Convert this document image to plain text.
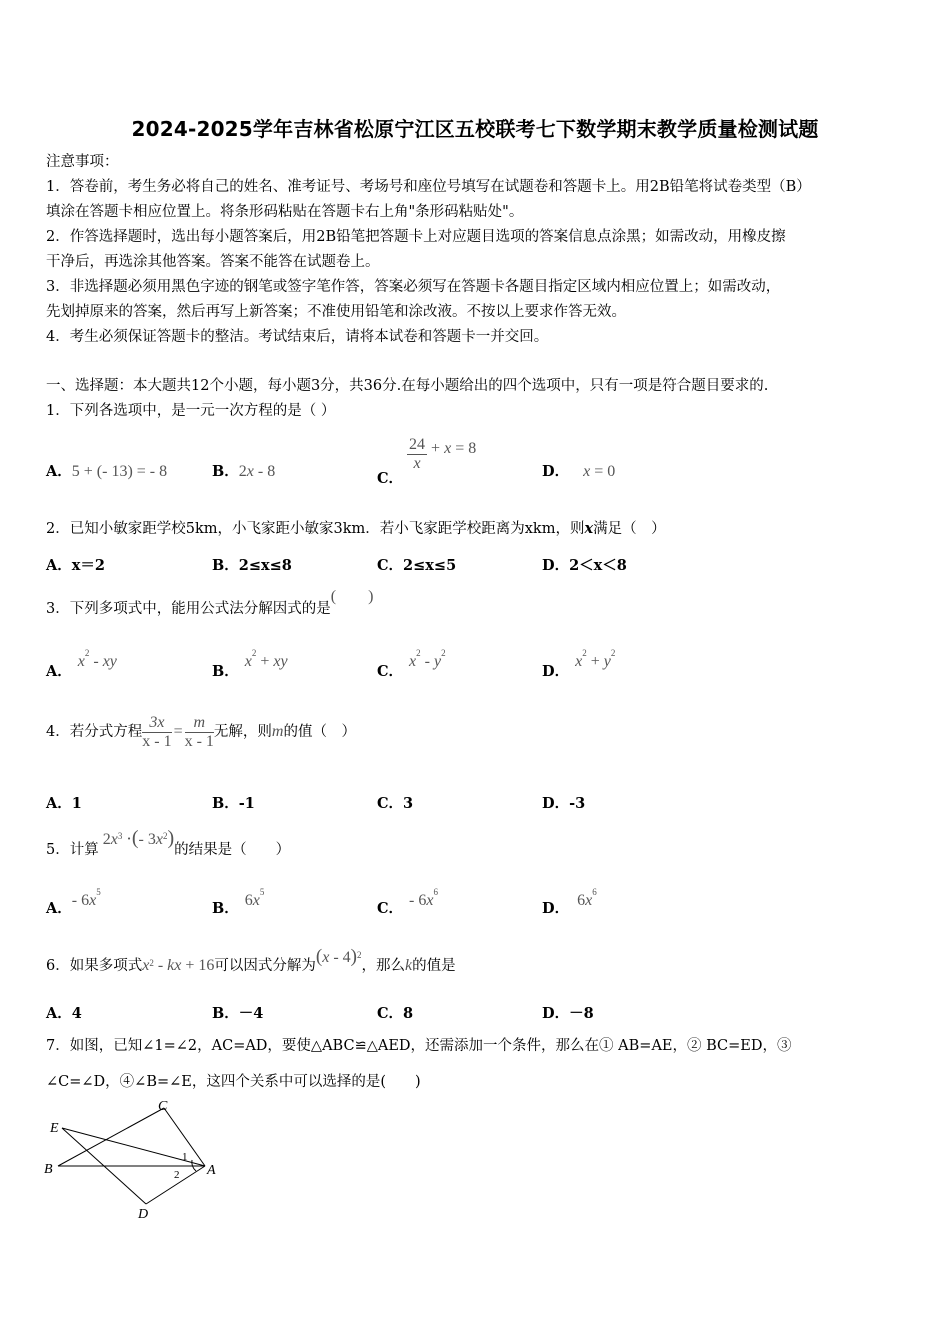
2024-2025学年吉林省松原宁江区五校联考七下数学期末教学质量检测试题
注意事项：
1．答卷前，考生务必将自己的姓名、准考证号、考场号和座位号填写在试题卷和答题卡上。用2B铅笔将试卷类型（B）
填涂在答题卡相应位置上。将条形码粘贴在答题卡右上角"条形码粘贴处"。
2．作答选择题时，选出每小题答案后，用2B铅笔把答题卡上对应题目选项的答案信息点涂黑；如需改动，用橡皮擦
干净后，再选涂其他答案。答案不能答在试题卷上。
3．非选择题必须用黑色字迹的钢笔或签字笔作答，答案必须写在答题卡各题目指定区域内相应位置上；如需改动，
先划掉原来的答案，然后再写上新答案；不准使用铅笔和涂改液。不按以上要求作答无效。
4．考生必须保证答题卡的整洁。考试结束后，请将本试卷和答题卡一并交回。
一、选择题：本大题共12个小题，每小题3分，共36分.在每小题给出的四个选项中，只有一项是符合题目要求的.
1．下列各选项中，是一元一次方程的是（ ）
A．5 + (- 13) = - 8	B．2x - 8	C．
$\frac{24}{x} + x = 8$
D． x = 0
2．已知小敏家距学校5km，小飞家距小敏家3km．若小飞家距学校距离为xkm，则x满足（　）
A．x＝2	B．2≤x≤8	C．2≤x≤5	D．2＜x＜8
3．下列多项式中，能用公式法分解因式的是(　　)
A．$x^2$ - xy
B．$x^2$ + xy
C．$x^2 - y^2$
D．$x^2 + y^2$
4．若分式方程 $\frac{3x}{x - 1} = \frac{m}{x - 1}$ 无解，则m的值（　）
A．1	B．-1	C．3	D．-3
5．计算$2x^3$ ⋅(- $3x^2$)的结果是（　　）
A．- $6x^5$
B． $6x^5$
C． - $6x^6$
D． $6x^6$
6．如果多项式$x^2$ - kx + 16可以因式分解为(x - 4)$^2$，那么k的值是
A．4	B．－4	C．8	D．－8
7．如图，已知∠1=∠2，AC=AD，要使△ABC≌△AED，还需添加一个条件，那么在① AB=AE，② BC=ED，③
∠C=∠D，④∠B=∠E，这四个关系中可以选择的是(　　)
E
C
B	A
D
1
2
